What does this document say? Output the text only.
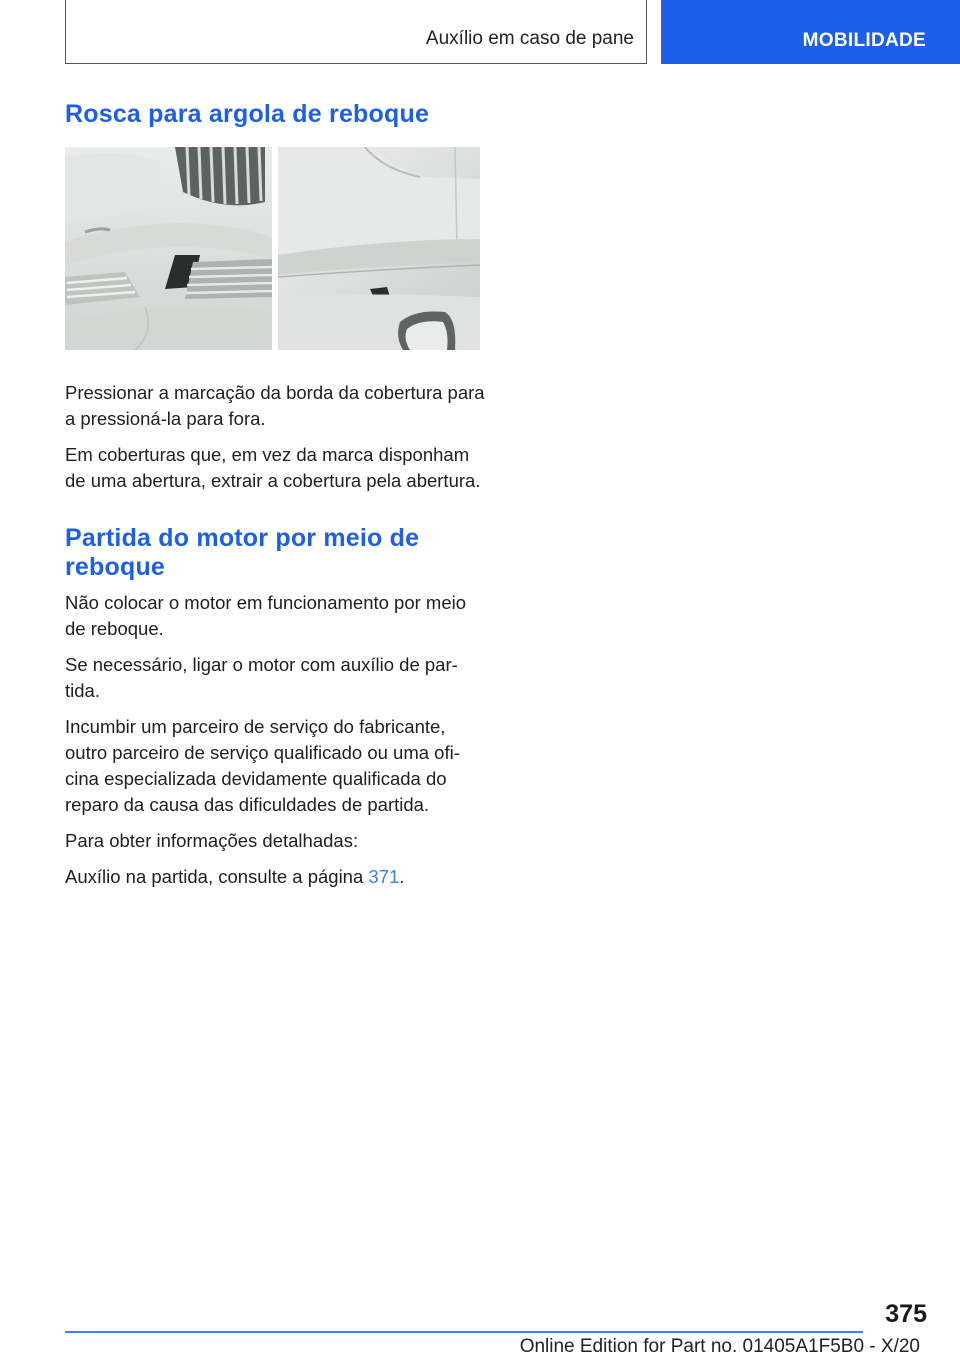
Auxílio em caso de pane	MOBILIDADE
Rosca para argola de reboque

Pressionar a marcação da borda da cobertura para a pressioná-la para fora.

Em coberturas que, em vez da marca disponham de uma abertura, extrair a cobertura pela abertura.

Partida do motor por meio de reboque

Não colocar o motor em funcionamento por meio de reboque.

Se necessário, ligar o motor com auxílio de partida.

Incumbir um parceiro de serviço do fabricante, outro parceiro de serviço qualificado ou uma oficina especializada devidamente qualificada do reparo da causa das dificuldades de partida.

Para obter informações detalhadas:

Auxílio na partida, consulte a página 371.

375
Online Edition for Part no. 01405A1F5B0 - X/20
